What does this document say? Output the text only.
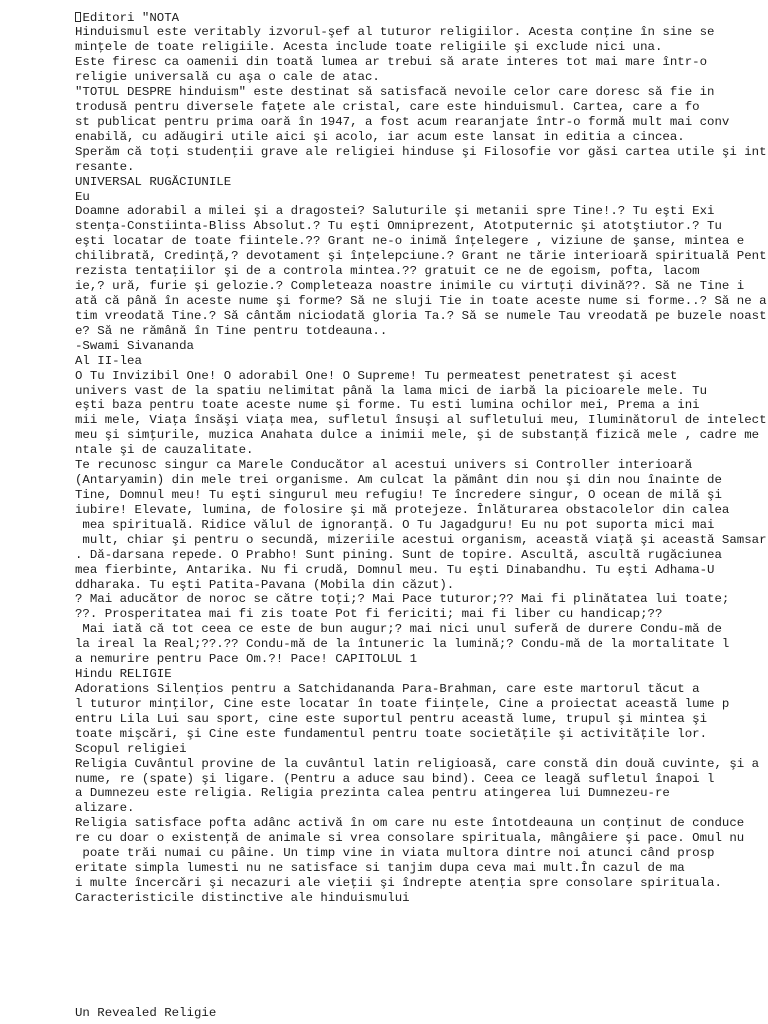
Editori "NOTA
Hinduismul este veritably izvorul-şef al tuturor religiilor. Acesta conţine în sine se
minţele de toate religiile. Acesta include toate religiile şi exclude nici una.
Este firesc ca oamenii din toată lumea ar trebui să arate interes tot mai mare într-o
religie universală cu aşa o cale de atac.
"TOTUL DESPRE hinduism" este destinat să satisfacă nevoile celor care doresc să fie in
trodusă pentru diversele faţete ale cristal, care este hinduismul. Cartea, care a fo
st publicat pentru prima oară în 1947, a fost acum rearanjate într-o formă mult mai conv
enabilă, cu adăugiri utile aici şi acolo, iar acum este lansat in editia a cincea.
Sperăm că toţi studenţii grave ale religiei hinduse şi Filosofie vor găsi cartea utile şi int
resante.
UNIVERSAL RUGĂCIUNILE
Eu
Doamne adorabil a milei şi a dragostei? Saluturile şi metanii spre Tine!.? Tu eşti Exi
stenţa-Constiinta-Bliss Absolut.? Tu eşti Omniprezent, Atotputernic şi atotştiutor.? Tu
eşti locatar de toate fiintele.?? Grant ne-o inimă înţelegere , viziune de şanse, mintea e
chilibrată, Credinţă,? devotament şi înţelepciune.? Grant ne tărie interioară spirituală Pent
rezista tentaţiilor şi de a controla mintea.?? gratuit ce ne de egoism, pofta, lacom
ie,? ură, furie şi gelozie.? Completeaza noastre inimile cu virtuţi divină??. Să ne Tine i
ată că până în aceste nume şi forme? Să ne sluji Tie in toate aceste nume si forme..? Să ne a
tim vreodată Tine.? Să cântăm niciodată gloria Ta.? Să se numele Tau vreodată pe buzele noast
e? Să ne rămână în Tine pentru totdeauna..
-Swami Sivananda
Al II-lea
O Tu Invizibil One! O adorabil One! O Supreme! Tu permeatest penetratest şi acest
univers vast de la spatiu nelimitat până la lama mici de iarbă la picioarele mele. Tu
eşti baza pentru toate aceste nume şi forme. Tu esti lumina ochilor mei, Prema a ini
mii mele, Viaţa însăşi viaţa mea, sufletul însuşi al sufletului meu, Iluminătorul de intelect
meu şi simţurile, muzica Anahata dulce a inimii mele, şi de substanţă fizică mele , cadre me
ntale şi de cauzalitate.
Te recunosc singur ca Marele Conducător al acestui univers si Controller interioară
(Antaryamin) din mele trei organisme. Am culcat la pământ din nou şi din nou înainte de
Tine, Domnul meu! Tu eşti singurul meu refugiu! Te încredere singur, O ocean de milă şi
iubire! Elevate, lumina, de folosire şi mă protejeze. Înlăturarea obstacolelor din calea
mea spirituală. Ridice vălul de ignoranţă. O Tu Jagadguru! Eu nu pot suporta mici mai
mult, chiar şi pentru o secundă, mizeriile acestui organism, această viaţă şi această Samsar
. Dă-darsana repede. O Prabho! Sunt pining. Sunt de topire. Ascultă, ascultă rugăciunea
mea fierbinte, Antarika. Nu fi crudă, Domnul meu. Tu eşti Dinabandhu. Tu eşti Adhama-U
ddharaka. Tu eşti Patita-Pavana (Mobila din căzut).
? Mai aducător de noroc se către toţi;? Mai Pace tuturor;?? Mai fi plinătatea lui toate;
??. Prosperitatea mai fi zis toate Pot fi fericiti; mai fi liber cu handicap;??
Mai iată că tot ceea ce este de bun augur;? mai nici unul suferă de durere Condu-mă de
la ireal la Real;??.?? Condu-mă de la întuneric la lumină;? Condu-mă de la mortalitate l
a nemurire pentru Pace Om.?! Pace! CAPITOLUL 1
Hindu RELIGIE
Adorations Silenţios pentru a Satchidananda Para-Brahman, care este martorul tăcut a
l tuturor minţilor, Cine este locatar în toate fiinţele, Cine a proiectat această lume p
entru Lila Lui sau sport, cine este suportul pentru această lume, trupul şi mintea şi
toate mişcări, şi Cine este fundamentul pentru toate societăţile şi activităţile lor.
Scopul religiei
Religia Cuvântul provine de la cuvântul latin religioasă, care constă din două cuvinte, şi a
nume, re (spate) şi ligare. (Pentru a aduce sau bind). Ceea ce leagă sufletul înapoi l
a Dumnezeu este religia. Religia prezinta calea pentru atingerea lui Dumnezeu-re
alizare.
Religia satisface pofta adânc activă în om care nu este întotdeauna un conţinut de conduce
re cu doar o existenţă de animale si vrea consolare spirituala, mângâiere şi pace. Omul nu
poate trăi numai cu pâine. Un timp vine in viata multora dintre noi atunci când prosp
eritate simpla lumesti nu ne satisface si tanjim dupa ceva mai mult.În cazul de ma
i multe încercări şi necazuri ale vieţii şi îndrepte atenţia spre consolare spirituala.
Caracteristicile distinctive ale hinduismului
Un Revealed Religie
